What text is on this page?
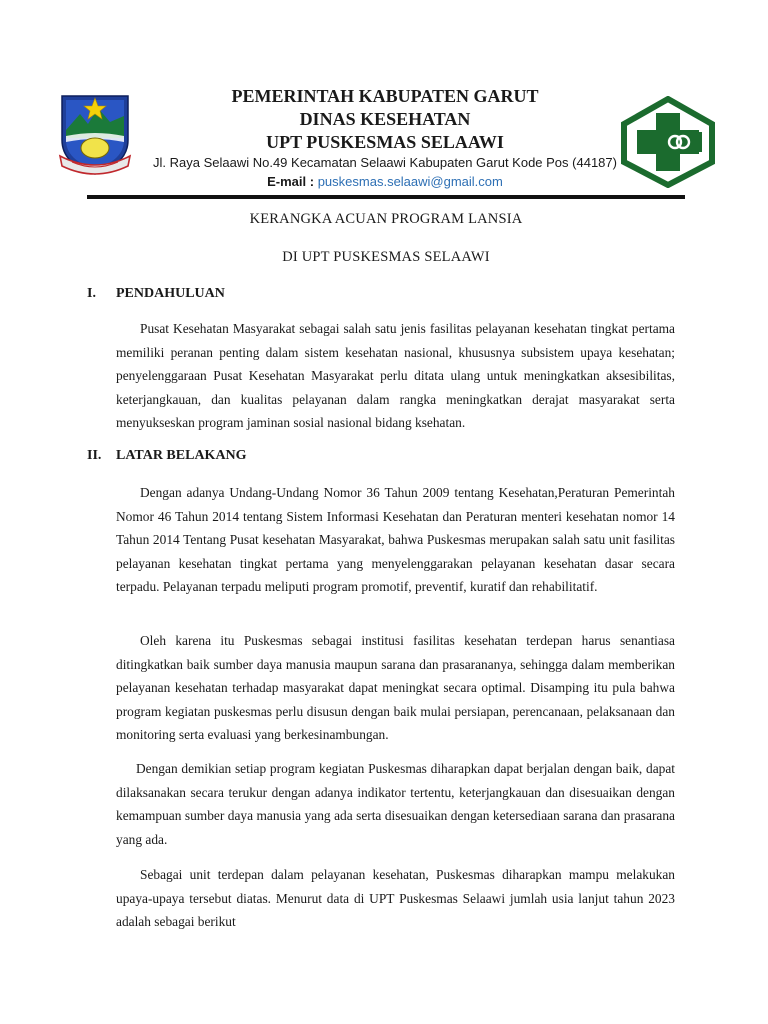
PEMERINTAH KABUPATEN GARUT
DINAS KESEHATAN
UPT PUSKESMAS SELAAWI
Jl. Raya Selaawi No.49 Kecamatan Selaawi Kabupaten Garut Kode Pos (44187)
E-mail : puskesmas.selaawi@gmail.com
KERANGKA ACUAN PROGRAM LANSIA
DI UPT PUSKESMAS SELAAWI
I. PENDAHULUAN

Pusat Kesehatan Masyarakat sebagai salah satu jenis fasilitas pelayanan kesehatan tingkat pertama memiliki peranan penting dalam sistem kesehatan nasional, khususnya subsistem upaya kesehatan; penyelenggaraan Pusat Kesehatan Masyarakat perlu ditata ulang untuk meningkatkan aksesibilitas, keterjangkauan, dan kualitas pelayanan dalam rangka meningkatkan derajat masyarakat serta menyukseskan program jaminan sosial nasional bidang ksehatan.

II. LATAR BELAKANG

Dengan adanya Undang-Undang Nomor 36 Tahun 2009 tentang Kesehatan,Peraturan Pemerintah Nomor 46 Tahun 2014 tentang Sistem Informasi Kesehatan dan Peraturan menteri kesehatan nomor 14 Tahun 2014 Tentang Pusat kesehatan Masyarakat, bahwa Puskesmas merupakan salah satu unit fasilitas pelayanan kesehatan tingkat pertama yang menyelenggarakan pelayanan kesehatan dasar secara terpadu. Pelayanan terpadu meliputi program promotif, preventif, kuratif dan rehabilitatif.

Oleh karena itu Puskesmas sebagai institusi fasilitas kesehatan terdepan harus senantiasa ditingkatkan baik sumber daya manusia maupun sarana dan prasarananya, sehingga dalam memberikan pelayanan kesehatan terhadap masyarakat dapat meningkat secara optimal. Disamping itu pula bahwa program kegiatan puskesmas perlu disusun dengan baik mulai persiapan, perencanaan, pelaksanaan dan monitoring serta evaluasi yang berkesinambungan.

Dengan demikian setiap program kegiatan Puskesmas diharapkan dapat berjalan dengan baik, dapat dilaksanakan secara terukur dengan adanya indikator tertentu, keterjangkauan dan disesuaikan dengan kemampuan sumber daya manusia yang ada serta disesuaikan dengan ketersediaan sarana dan prasarana yang ada.

Sebagai unit terdepan dalam pelayanan kesehatan, Puskesmas diharapkan mampu melakukan upaya-upaya tersebut diatas. Menurut data di UPT Puskesmas Selaawi jumlah usia lanjut tahun 2023 adalah sebagai berikut
